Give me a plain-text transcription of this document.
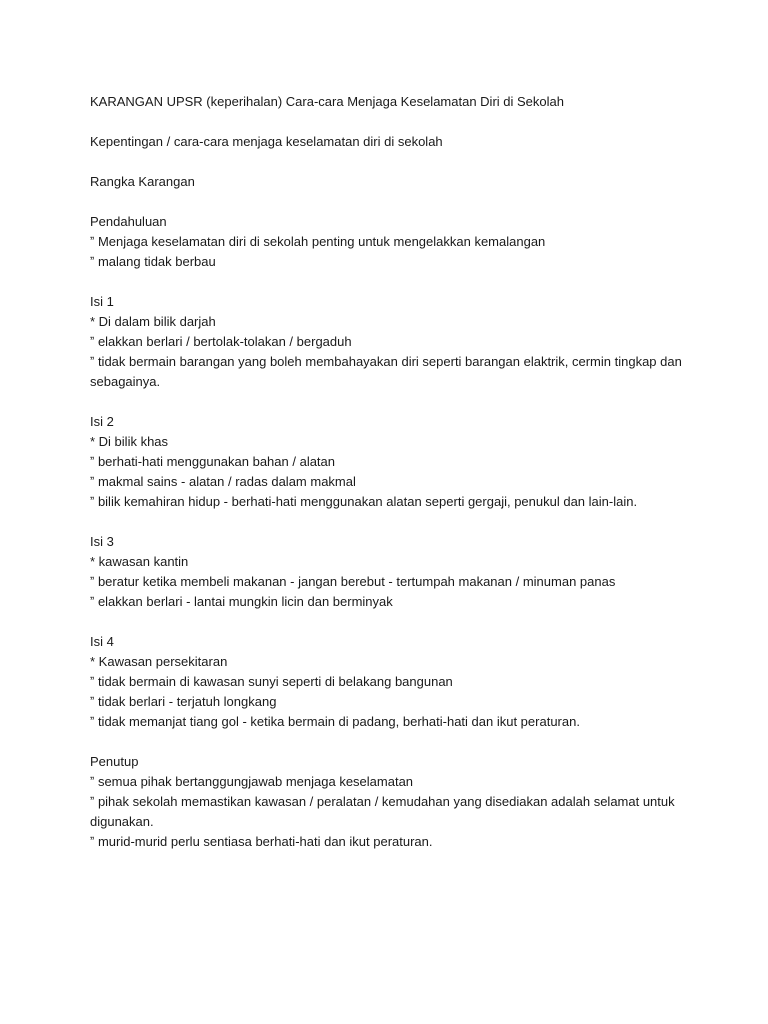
KARANGAN UPSR (keperihalan) Cara-cara Menjaga Keselamatan Diri di Sekolah

Kepentingan / cara-cara menjaga keselamatan diri di sekolah

Rangka Karangan

Pendahuluan

ˮ Menjaga keselamatan diri di sekolah penting untuk mengelakkan kemalangan

ˮ malang tidak berbau

Isi 1

* Di dalam bilik darjah

ˮ elakkan berlari / bertolak-tolakan / bergaduh

ˮ tidak bermain barangan yang boleh membahayakan diri seperti barangan elaktrik, cermin tingkap dan sebagainya.

Isi 2

* Di bilik khas

ˮ berhati-hati menggunakan bahan / alatan

ˮ makmal sains - alatan / radas dalam makmal

ˮ bilik kemahiran hidup - berhati-hati menggunakan alatan seperti gergaji, penukul dan lain-lain.

Isi 3

* kawasan kantin

ˮ beratur ketika membeli makanan - jangan berebut - tertumpah makanan / minuman panas

ˮ elakkan berlari - lantai mungkin licin dan berminyak

Isi 4

* Kawasan persekitaran

ˮ tidak bermain di kawasan sunyi seperti di belakang bangunan

ˮ tidak berlari - terjatuh longkang

ˮ tidak memanjat tiang gol - ketika bermain di padang, berhati-hati dan ikut peraturan.

Penutup

ˮ semua pihak bertanggungjawab menjaga keselamatan

ˮ pihak sekolah memastikan kawasan / peralatan / kemudahan yang disediakan adalah selamat untuk digunakan.

ˮ murid-murid perlu sentiasa berhati-hati dan ikut peraturan.
